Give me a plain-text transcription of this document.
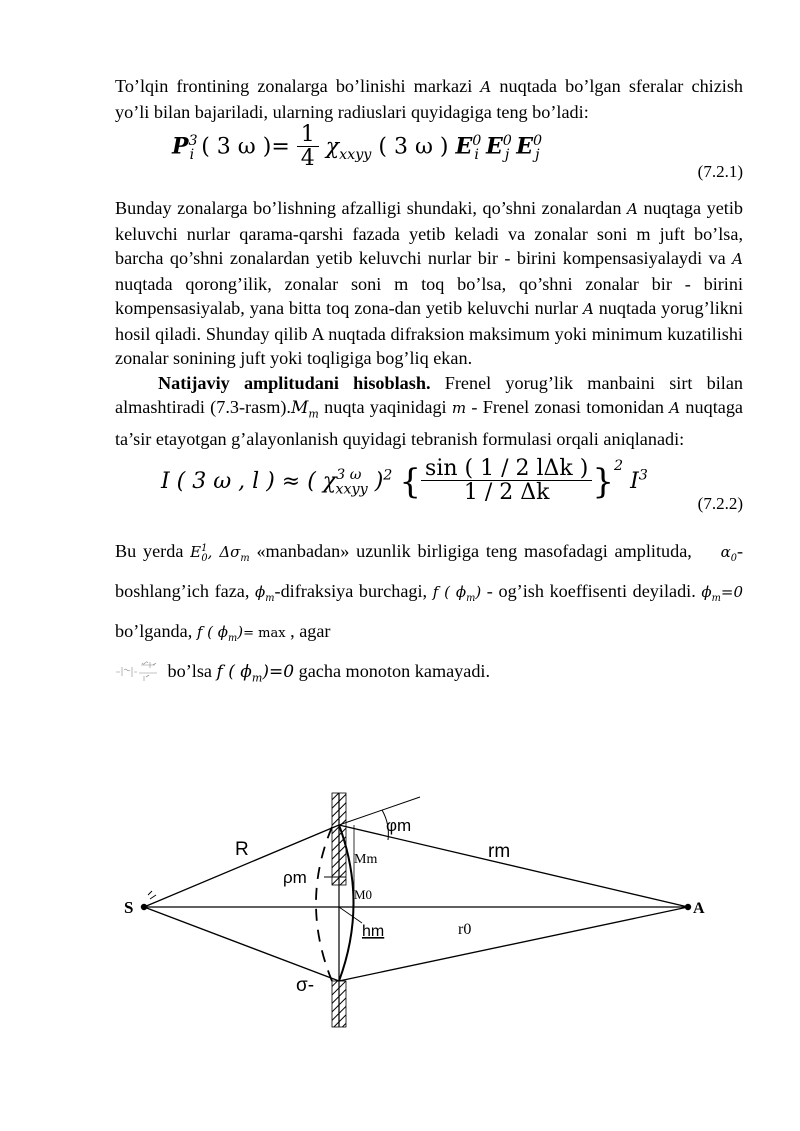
To’lqin frontining zonalarga bo’linishi markazi A nuqtada bo’lgan sferalar chizish yo’li bilan bajariladi, ularning radiuslari quyidagiga teng bo’ladi:

$P^3_i$ ( 3 ω )= $\frac{1}{4} \chi_{xxyy}$ ( 3 ω ) $E^0_i$ $E^0_j$ $E^0_j$
(7.2.1)

Bunday zonalarga bo’lishning afzalligi shundaki, qo’shni zonalardan A nuqtaga yetib keluvchi nurlar qarama-qarshi fazada yetib keladi va zonalar soni m juft bo’lsa, barcha qo’shni zonalardan yetib keluvchi nurlar bir - birini kompensasiyalaydi va A nuqtada qorong’ilik, zonalar soni m toq bo’lsa, qo’shni zonalar bir - birini kompensasiyalab, yana bitta toq zona-dan yetib keluvchi nurlar A nuqtada yorug’likni hosil qiladi. Shunday qilib A nuqtada difraksion maksimum yoki minimum kuzatilishi zonalar sonining juft yoki toqligiga bog’liq ekan.

Natijaviy amplitudani hisoblash. Frenel yorug’lik manbaini sirt bilan almashtiradi $(7.3-rasm).M_m$ nuqta yaqinidagi m - Frenel zonasi tomonidan A nuqtaga ta’sir etayotgan g’alayonlanish quyidagi tebranish formulasi orqali aniqlanadi:

I ( 3 ω , l ) ≈ ( $\chi^{3 \omega}_{xxyy}$ )$^2$ { $\frac{\text{sin ( 1 / 2 lΔk )}}{1 / 2 \Delta k} \}^2$ $I^3$
(7.2.2)

Bu yerda $E^1_0$, $\Delta\sigma_m$ «manbadan» uzunlik birligiga teng masofadagi amplituda, $\alpha_0-boshlang’ich$ faza, $\phi_m$-difraksiya burchagi, f ( $\phi_m$) - og’ish koeffisenti deyiladi. $\phi_m=0$ bo’lganda, f ( $\phi_m)= \max$ , agar
bo’lsa f ( $\phi_m)=0$ gacha monoton kamayadi.

R
φm
rm
Mm
ρm
M0
S	A
hm	r0
σ-
